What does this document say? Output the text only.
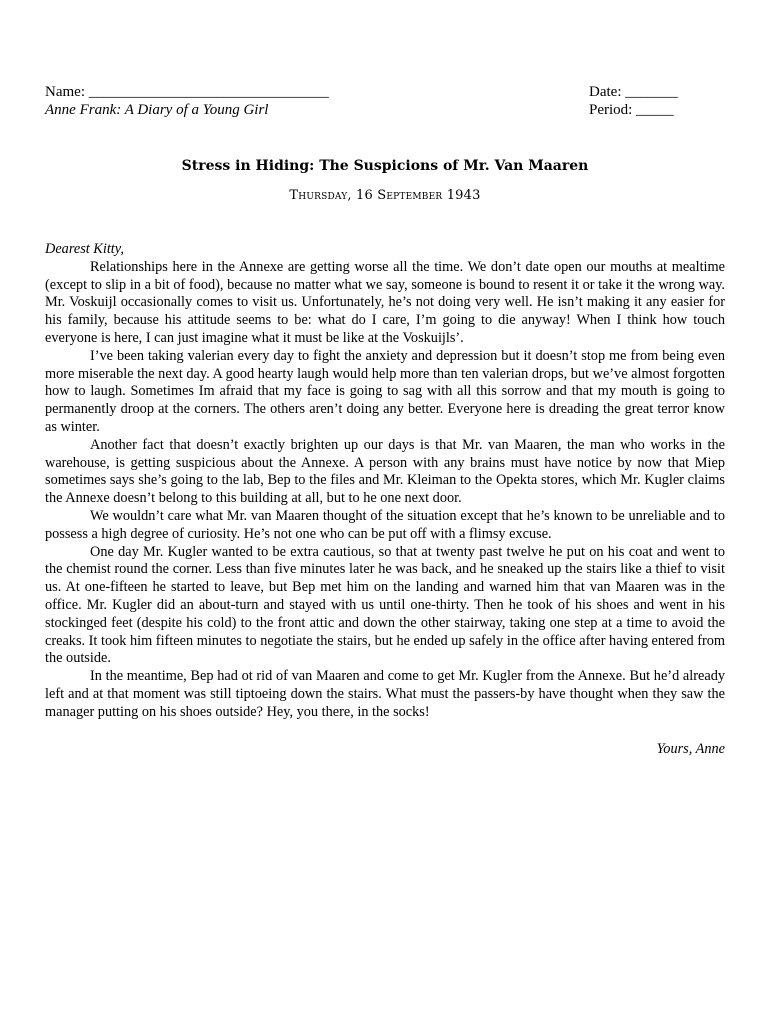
Name: ________________________________
Anne Frank: A Diary of a Young Girl
Date: _______
Period: _____
Stress in Hiding: The Suspicions of Mr. Van Maaren
Thursday, 16 September 1943
Dearest Kitty,

Relationships here in the Annexe are getting worse all the time. We don’t date open our mouths at mealtime (except to slip in a bit of food), because no matter what we say, someone is bound to resent it or take it the wrong way. Mr. Voskuijl occasionally comes to visit us. Unfortunately, he’s not doing very well. He isn’t making it any easier for his family, because his attitude seems to be: what do I care, I’m going to die anyway! When I think how touch everyone is here, I can just imagine what it must be like at the Voskuijls’.

I’ve been taking valerian every day to fight the anxiety and depression but it doesn’t stop me from being even more miserable the next day. A good hearty laugh would help more than ten valerian drops, but we’ve almost forgotten how to laugh. Sometimes Im afraid that my face is going to sag with all this sorrow and that my mouth is going to permanently droop at the corners. The others aren’t doing any better. Everyone here is dreading the great terror know as winter.

Another fact that doesn’t exactly brighten up our days is that Mr. van Maaren, the man who works in the warehouse, is getting suspicious about the Annexe. A person with any brains must have notice by now that Miep sometimes says she’s going to the lab, Bep to the files and Mr. Kleiman to the Opekta stores, which Mr. Kugler claims the Annexe doesn’t belong to this building at all, but to he one next door.

We wouldn’t care what Mr. van Maaren thought of the situation except that he’s known to be unreliable and to possess a high degree of curiosity. He’s not one who can be put off with a flimsy excuse.

One day Mr. Kugler wanted to be extra cautious, so that at twenty past twelve he put on his coat and went to the chemist round the corner. Less than five minutes later he was back, and he sneaked up the stairs like a thief to visit us. At one-fifteen he started to leave, but Bep met him on the landing and warned him that van Maaren was in the office. Mr. Kugler did an about-turn and stayed with us until one-thirty. Then he took of his shoes and went in his stockinged feet (despite his cold) to the front attic and down the other stairway, taking one step at a time to avoid the creaks. It took him fifteen minutes to negotiate the stairs, but he ended up safely in the office after having entered from the outside.

In the meantime, Bep had ot rid of van Maaren and come to get Mr. Kugler from the Annexe. But he’d already left and at that moment was still tiptoeing down the stairs. What must the passers-by have thought when they saw the manager putting on his shoes outside? Hey, you there, in the socks!

Yours, Anne
